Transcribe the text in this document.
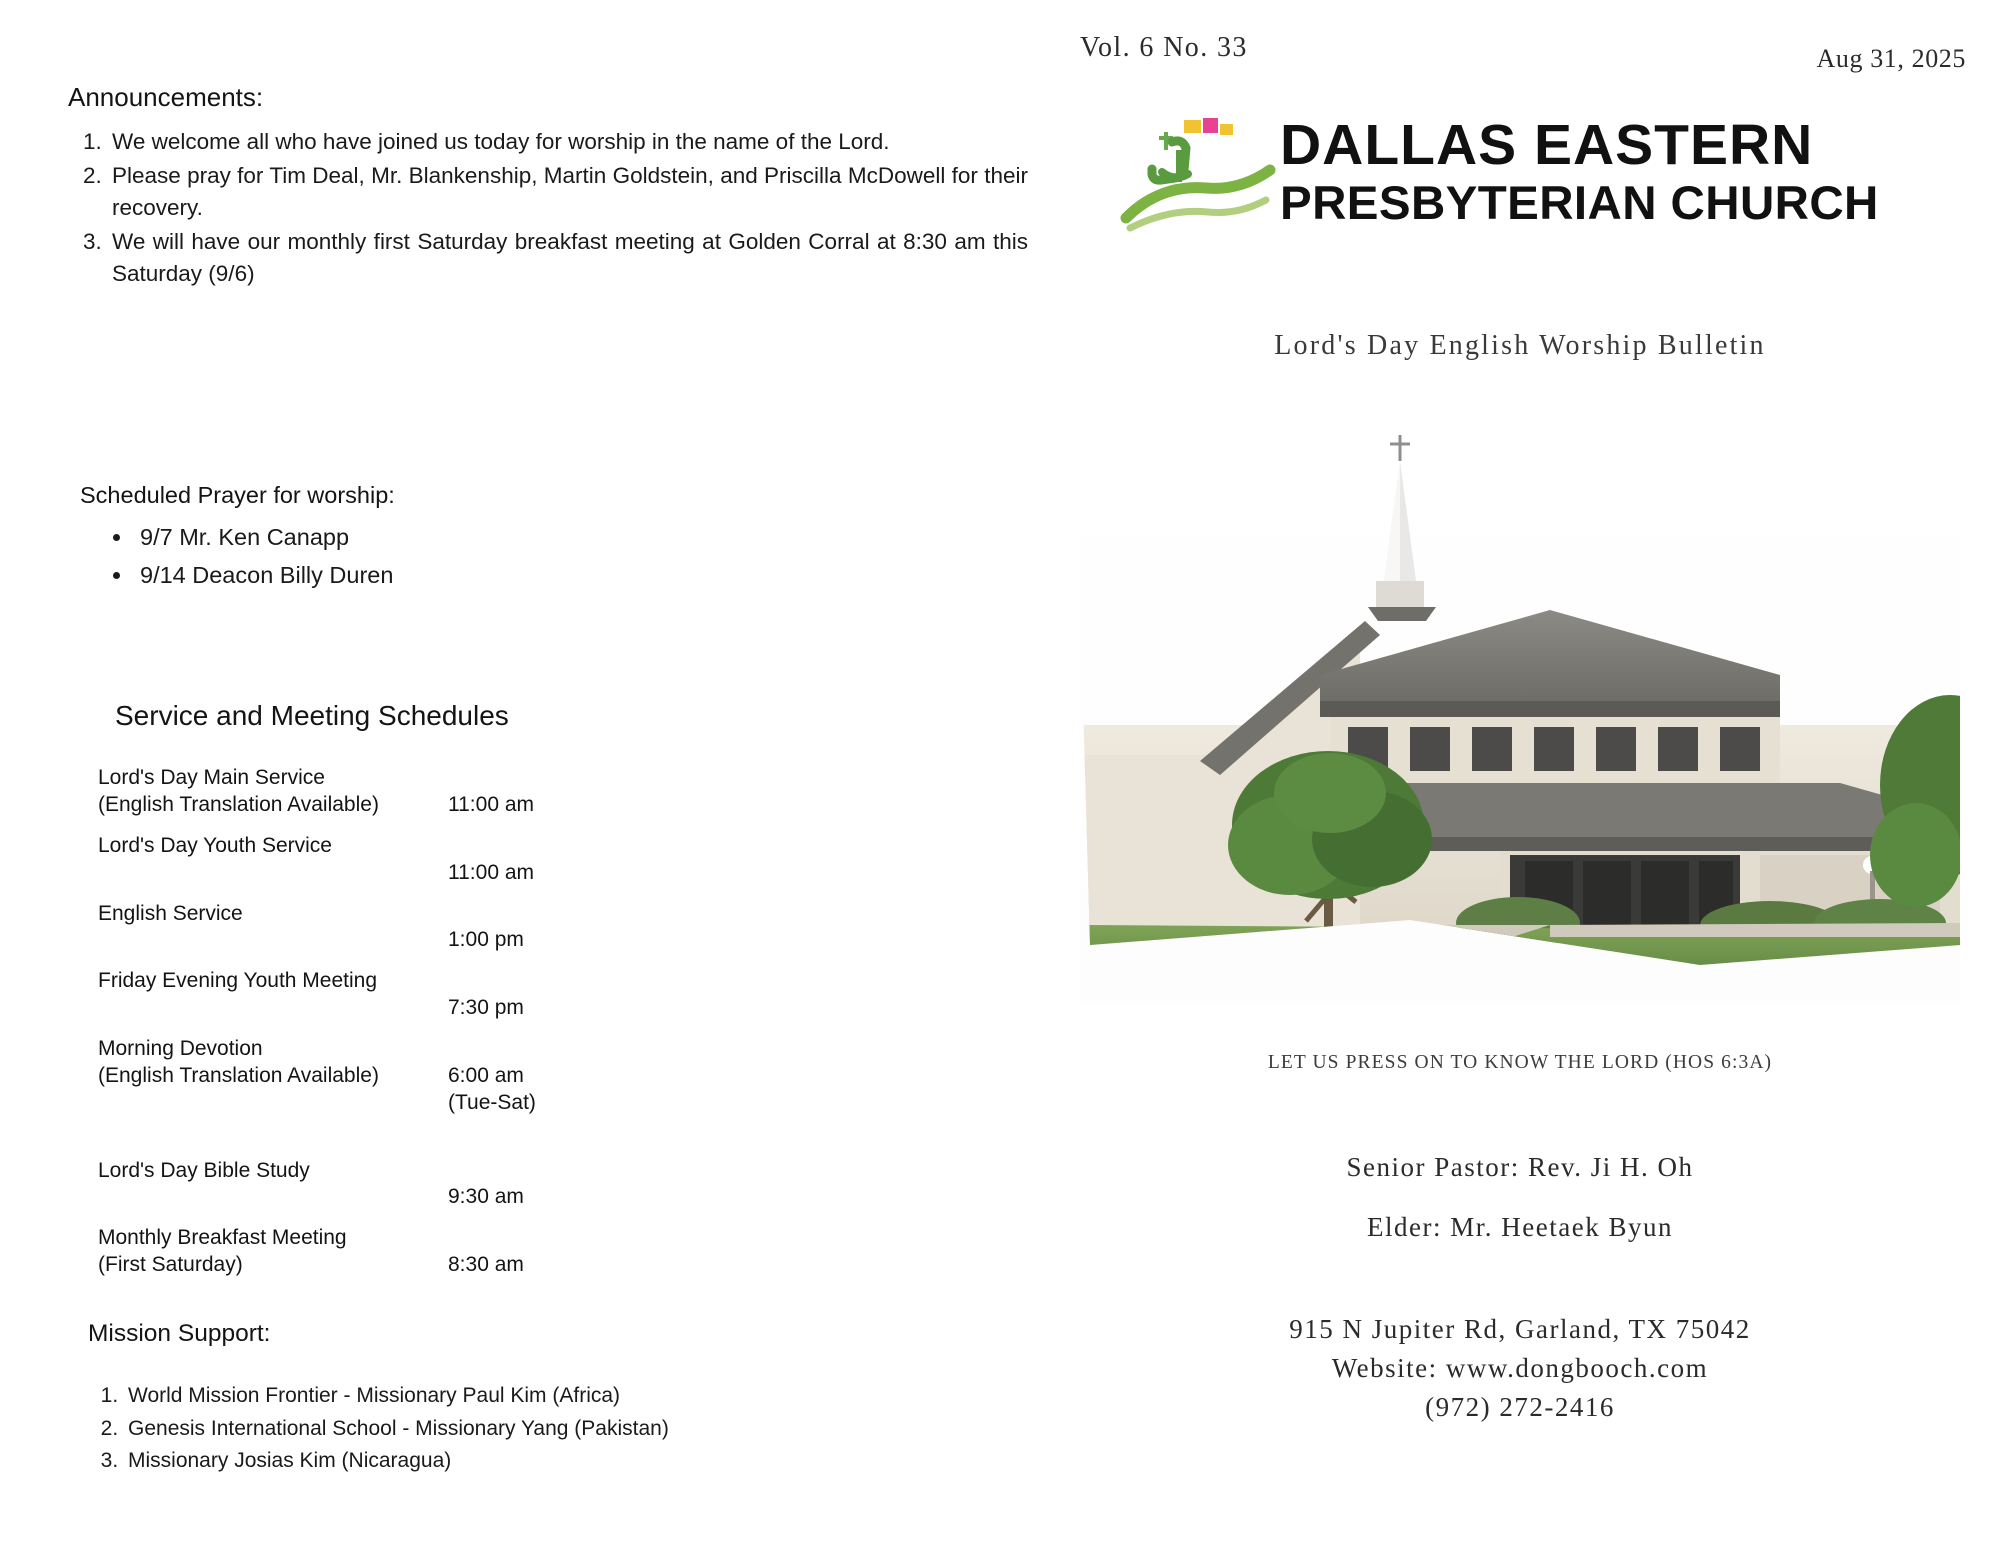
Announcements:
1. We welcome all who have joined us today for worship in the name of the Lord.
2. Please pray for Tim Deal, Mr. Blankenship, Martin Goldstein, and Priscilla McDowell for their recovery.
3. We will have our monthly first Saturday breakfast meeting at Golden Corral at 8:30 am this Saturday (9/6)
Scheduled Prayer for worship:
• 9/7 Mr. Ken Canapp
• 9/14 Deacon Billy Duren
Service and Meeting Schedules
Lord's Day Main Service
(English Translation Available)	11:00 am

Lord's Day Youth Service	11:00 am

English Service	1:00 pm

Friday Evening Youth Meeting	7:30 pm

Morning Devotion
(English Translation Available)	6:00 am

(Tue-Sat)

Lord's Day Bible Study	9:30 am

Monthly Breakfast Meeting
(First Saturday)	8:30 am

Mission Support:
1. World Mission Frontier - Missionary Paul Kim (Africa)
2. Genesis International School - Missionary Yang (Pakistan)
3. Missionary Josias Kim (Nicaragua)
Vol. 6 No. 33	Aug 31, 2025
DALLAS EASTERN
PRESBYTERIAN CHURCH
Lord's Day English Worship Bulletin
LET US PRESS ON TO KNOW THE LORD (HOS 6:3A)
Senior Pastor: Rev. Ji H. Oh
Elder: Mr. Heetaek Byun
915 N Jupiter Rd, Garland, TX 75042
Website: www.dongbooch.com
(972) 272-2416
